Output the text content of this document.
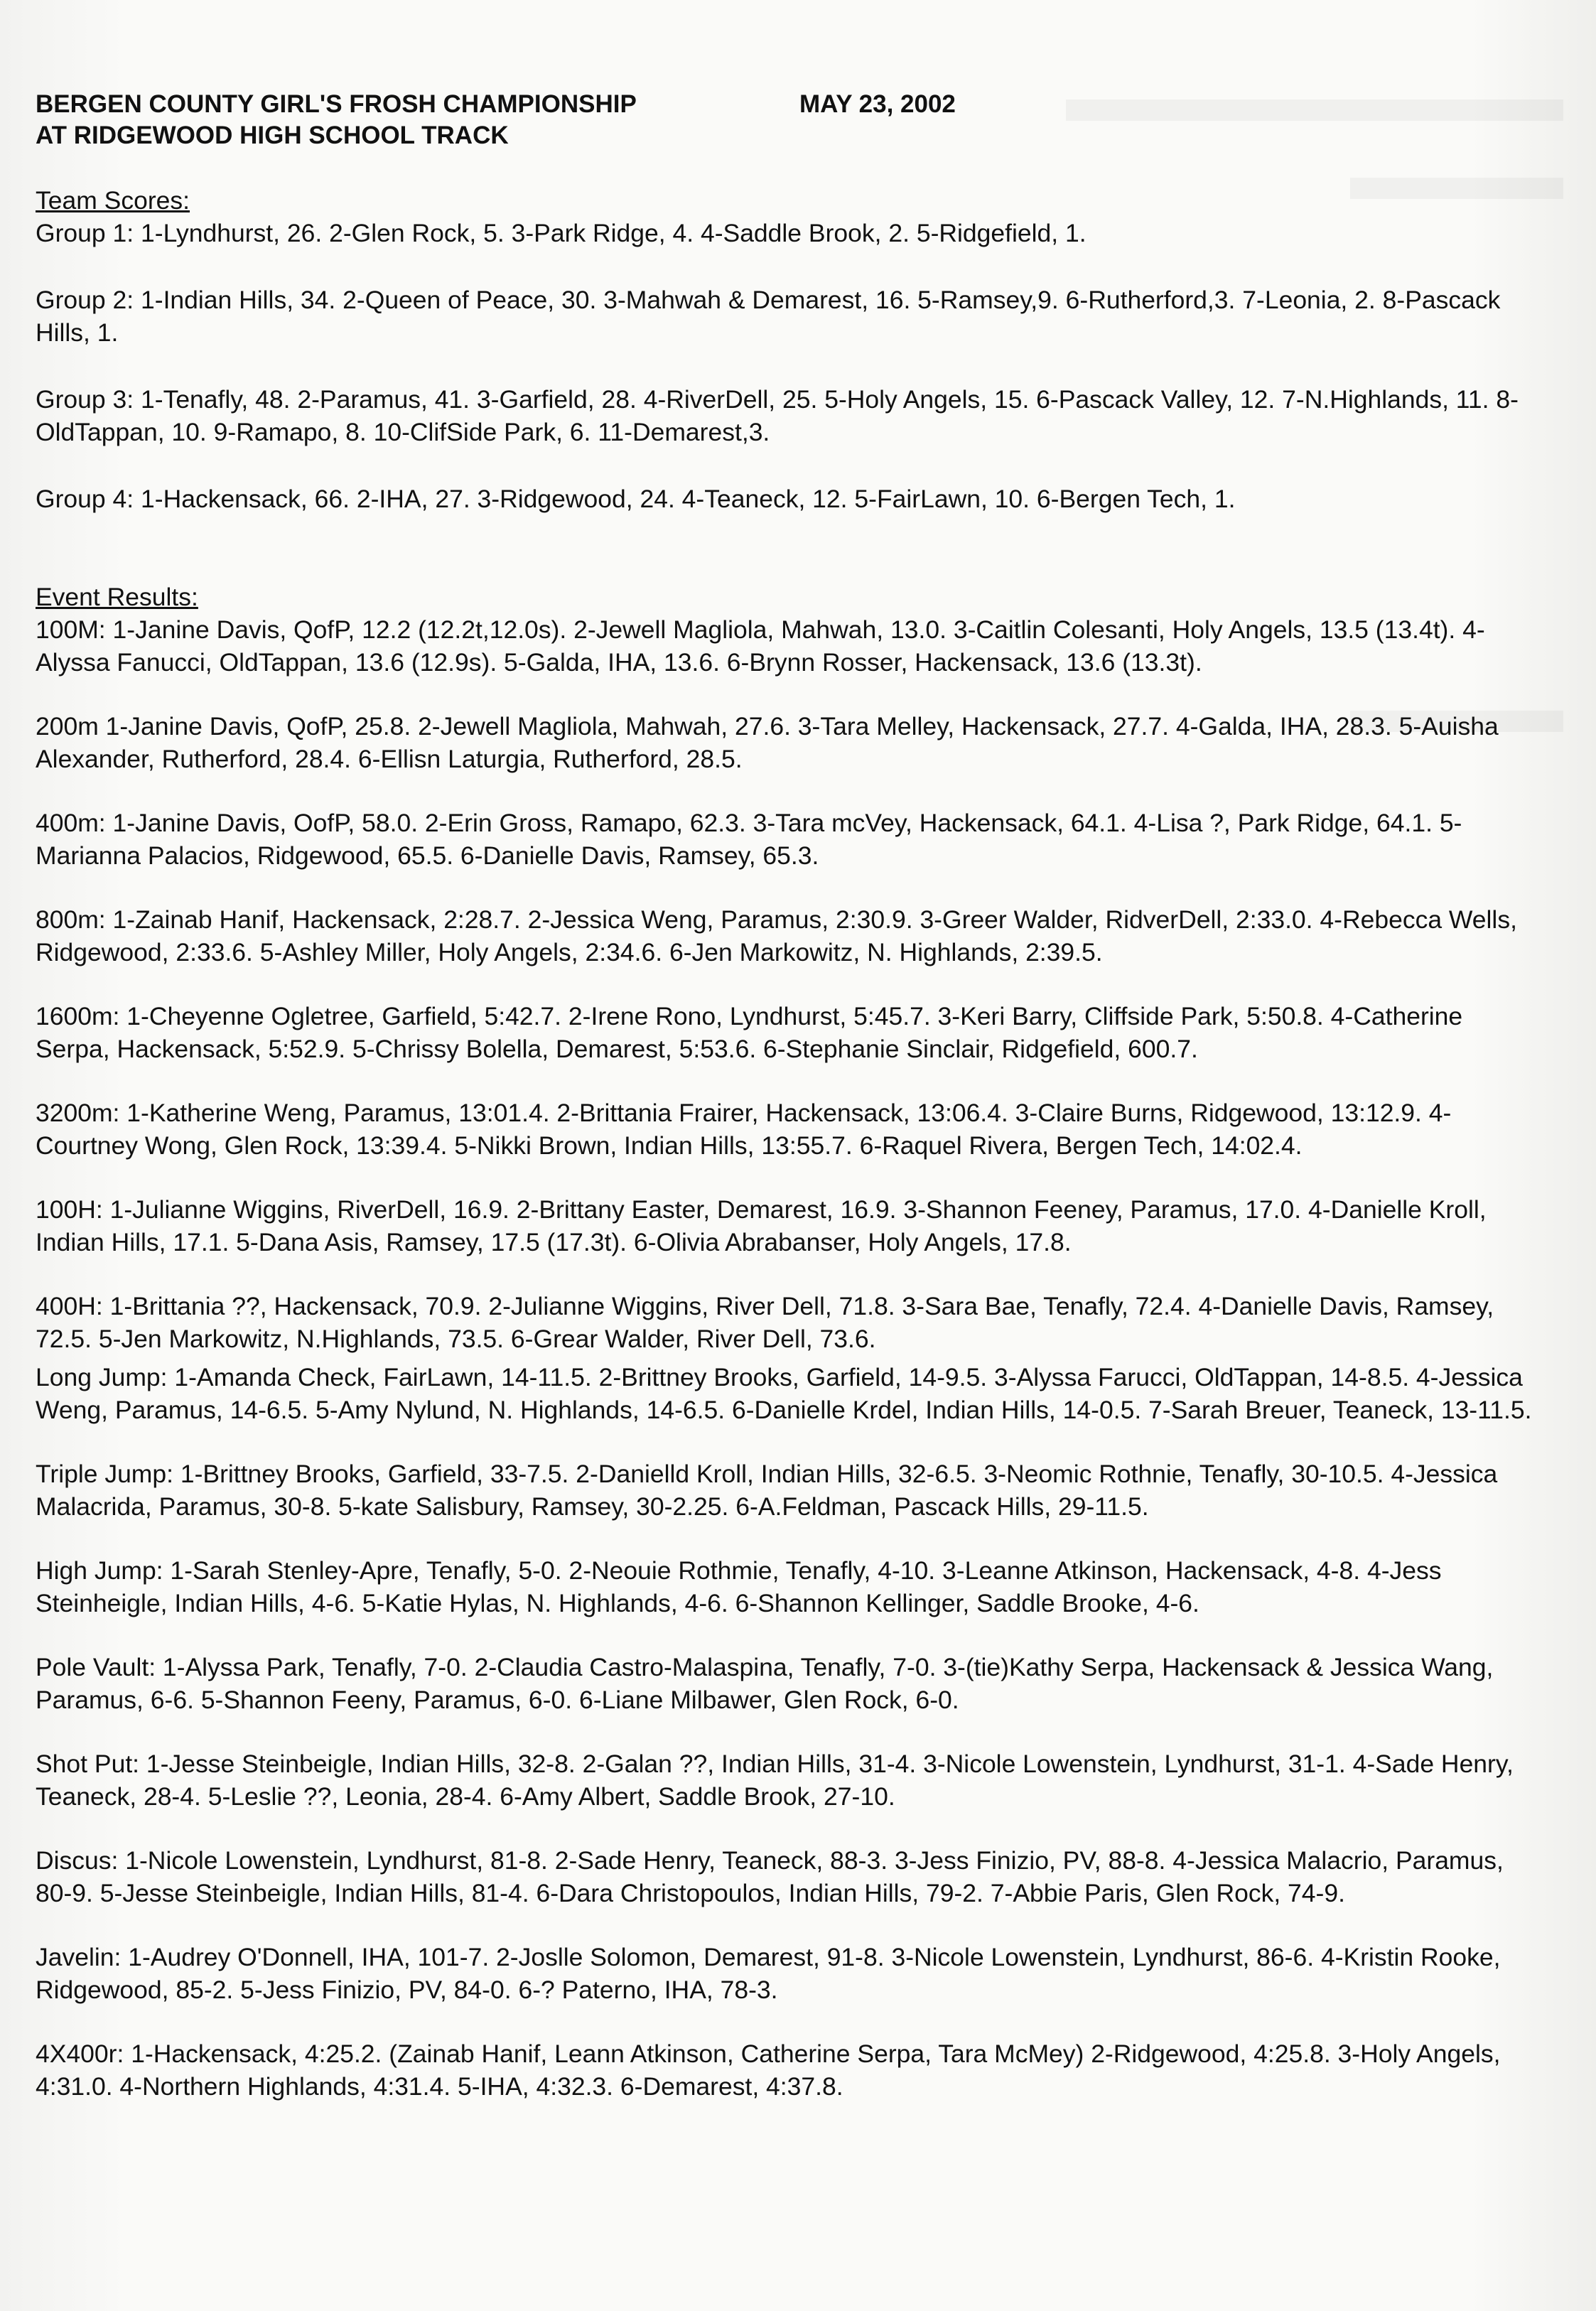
BERGEN COUNTY GIRL'S FROSH CHAMPIONSHIP	MAY 23, 2002
AT RIDGEWOOD HIGH SCHOOL TRACK
Team Scores:

Group 1: 1-Lyndhurst, 26. 2-Glen Rock, 5. 3-Park Ridge, 4. 4-Saddle Brook, 2. 5-Ridgefield, 1.

Group 2: 1-Indian Hills, 34. 2-Queen of Peace, 30. 3-Mahwah & Demarest, 16. 5-Ramsey,9. 6-Rutherford,3. 7-Leonia, 2. 8-Pascack Hills, 1.

Group 3: 1-Tenafly, 48. 2-Paramus, 41. 3-Garfield, 28. 4-RiverDell, 25. 5-Holy Angels, 15. 6-Pascack Valley, 12. 7-N.Highlands, 11. 8-OldTappan, 10. 9-Ramapo, 8. 10-ClifSide Park, 6. 11-Demarest,3.

Group 4: 1-Hackensack, 66. 2-IHA, 27. 3-Ridgewood, 24. 4-Teaneck, 12. 5-FairLawn, 10. 6-Bergen Tech, 1.

Event Results:

100M: 1-Janine Davis, QofP, 12.2 (12.2t,12.0s). 2-Jewell Magliola, Mahwah, 13.0. 3-Caitlin Colesanti, Holy Angels, 13.5 (13.4t). 4-Alyssa Fanucci, OldTappan, 13.6 (12.9s). 5-Galda, IHA, 13.6. 6-Brynn Rosser, Hackensack, 13.6 (13.3t).

200m 1-Janine Davis, QofP, 25.8. 2-Jewell Magliola, Mahwah, 27.6. 3-Tara Melley, Hackensack, 27.7. 4-Galda, IHA, 28.3. 5-Auisha Alexander, Rutherford, 28.4. 6-Ellisn Laturgia, Rutherford, 28.5.

400m: 1-Janine Davis, OofP, 58.0. 2-Erin Gross, Ramapo, 62.3. 3-Tara mcVey, Hackensack, 64.1. 4-Lisa ?, Park Ridge, 64.1. 5-Marianna Palacios, Ridgewood, 65.5. 6-Danielle Davis, Ramsey, 65.3.

800m: 1-Zainab Hanif, Hackensack, 2:28.7. 2-Jessica Weng, Paramus, 2:30.9. 3-Greer Walder, RidverDell, 2:33.0. 4-Rebecca Wells, Ridgewood, 2:33.6. 5-Ashley Miller, Holy Angels, 2:34.6. 6-Jen Markowitz, N. Highlands, 2:39.5.

1600m: 1-Cheyenne Ogletree, Garfield, 5:42.7. 2-Irene Rono, Lyndhurst, 5:45.7. 3-Keri Barry, Cliffside Park, 5:50.8. 4-Catherine Serpa, Hackensack, 5:52.9. 5-Chrissy Bolella, Demarest, 5:53.6. 6-Stephanie Sinclair, Ridgefield, 600.7.

3200m: 1-Katherine Weng, Paramus, 13:01.4. 2-Brittania Frairer, Hackensack, 13:06.4. 3-Claire Burns, Ridgewood, 13:12.9. 4-Courtney Wong, Glen Rock, 13:39.4. 5-Nikki Brown, Indian Hills, 13:55.7. 6-Raquel Rivera, Bergen Tech, 14:02.4.

100H: 1-Julianne Wiggins, RiverDell, 16.9. 2-Brittany Easter, Demarest, 16.9. 3-Shannon Feeney, Paramus, 17.0. 4-Danielle Kroll, Indian Hills, 17.1. 5-Dana Asis, Ramsey, 17.5 (17.3t). 6-Olivia Abrabanser, Holy Angels, 17.8.

400H: 1-Brittania ??, Hackensack, 70.9. 2-Julianne Wiggins, River Dell, 71.8. 3-Sara Bae, Tenafly, 72.4. 4-Danielle Davis, Ramsey, 72.5. 5-Jen Markowitz, N.Highlands, 73.5. 6-Grear Walder, River Dell, 73.6.

Long Jump: 1-Amanda Check, FairLawn, 14-11.5. 2-Brittney Brooks, Garfield, 14-9.5. 3-Alyssa Farucci, OldTappan, 14-8.5. 4-Jessica Weng, Paramus, 14-6.5. 5-Amy Nylund, N. Highlands, 14-6.5. 6-Danielle Krdel, Indian Hills, 14-0.5. 7-Sarah Breuer, Teaneck, 13-11.5.

Triple Jump: 1-Brittney Brooks, Garfield, 33-7.5. 2-Danielld Kroll, Indian Hills, 32-6.5. 3-Neomic Rothnie, Tenafly, 30-10.5. 4-Jessica Malacrida, Paramus, 30-8. 5-kate Salisbury, Ramsey, 30-2.25. 6-A.Feldman, Pascack Hills, 29-11.5.

High Jump: 1-Sarah Stenley-Apre, Tenafly, 5-0. 2-Neouie Rothmie, Tenafly, 4-10. 3-Leanne Atkinson, Hackensack, 4-8. 4-Jess Steinheigle, Indian Hills, 4-6. 5-Katie Hylas, N. Highlands, 4-6. 6-Shannon Kellinger, Saddle Brooke, 4-6.

Pole Vault: 1-Alyssa Park, Tenafly, 7-0. 2-Claudia Castro-Malaspina, Tenafly, 7-0. 3-(tie)Kathy Serpa, Hackensack & Jessica Wang, Paramus, 6-6. 5-Shannon Feeny, Paramus, 6-0. 6-Liane Milbawer, Glen Rock, 6-0.

Shot Put: 1-Jesse Steinbeigle, Indian Hills, 32-8. 2-Galan ??, Indian Hills, 31-4. 3-Nicole Lowenstein, Lyndhurst, 31-1. 4-Sade Henry, Teaneck, 28-4. 5-Leslie ??, Leonia, 28-4. 6-Amy Albert, Saddle Brook, 27-10.

Discus: 1-Nicole Lowenstein, Lyndhurst, 81-8. 2-Sade Henry, Teaneck, 88-3. 3-Jess Finizio, PV, 88-8. 4-Jessica Malacrio, Paramus, 80-9. 5-Jesse Steinbeigle, Indian Hills, 81-4. 6-Dara Christopoulos, Indian Hills, 79-2. 7-Abbie Paris, Glen Rock, 74-9.

Javelin: 1-Audrey O'Donnell, IHA, 101-7. 2-Joslle Solomon, Demarest, 91-8. 3-Nicole Lowenstein, Lyndhurst, 86-6. 4-Kristin Rooke, Ridgewood, 85-2. 5-Jess Finizio, PV, 84-0. 6-? Paterno, IHA, 78-3.

4X400r: 1-Hackensack, 4:25.2. (Zainab Hanif, Leann Atkinson, Catherine Serpa, Tara McMey) 2-Ridgewood, 4:25.8. 3-Holy Angels, 4:31.0. 4-Northern Highlands, 4:31.4. 5-IHA, 4:32.3. 6-Demarest, 4:37.8.
